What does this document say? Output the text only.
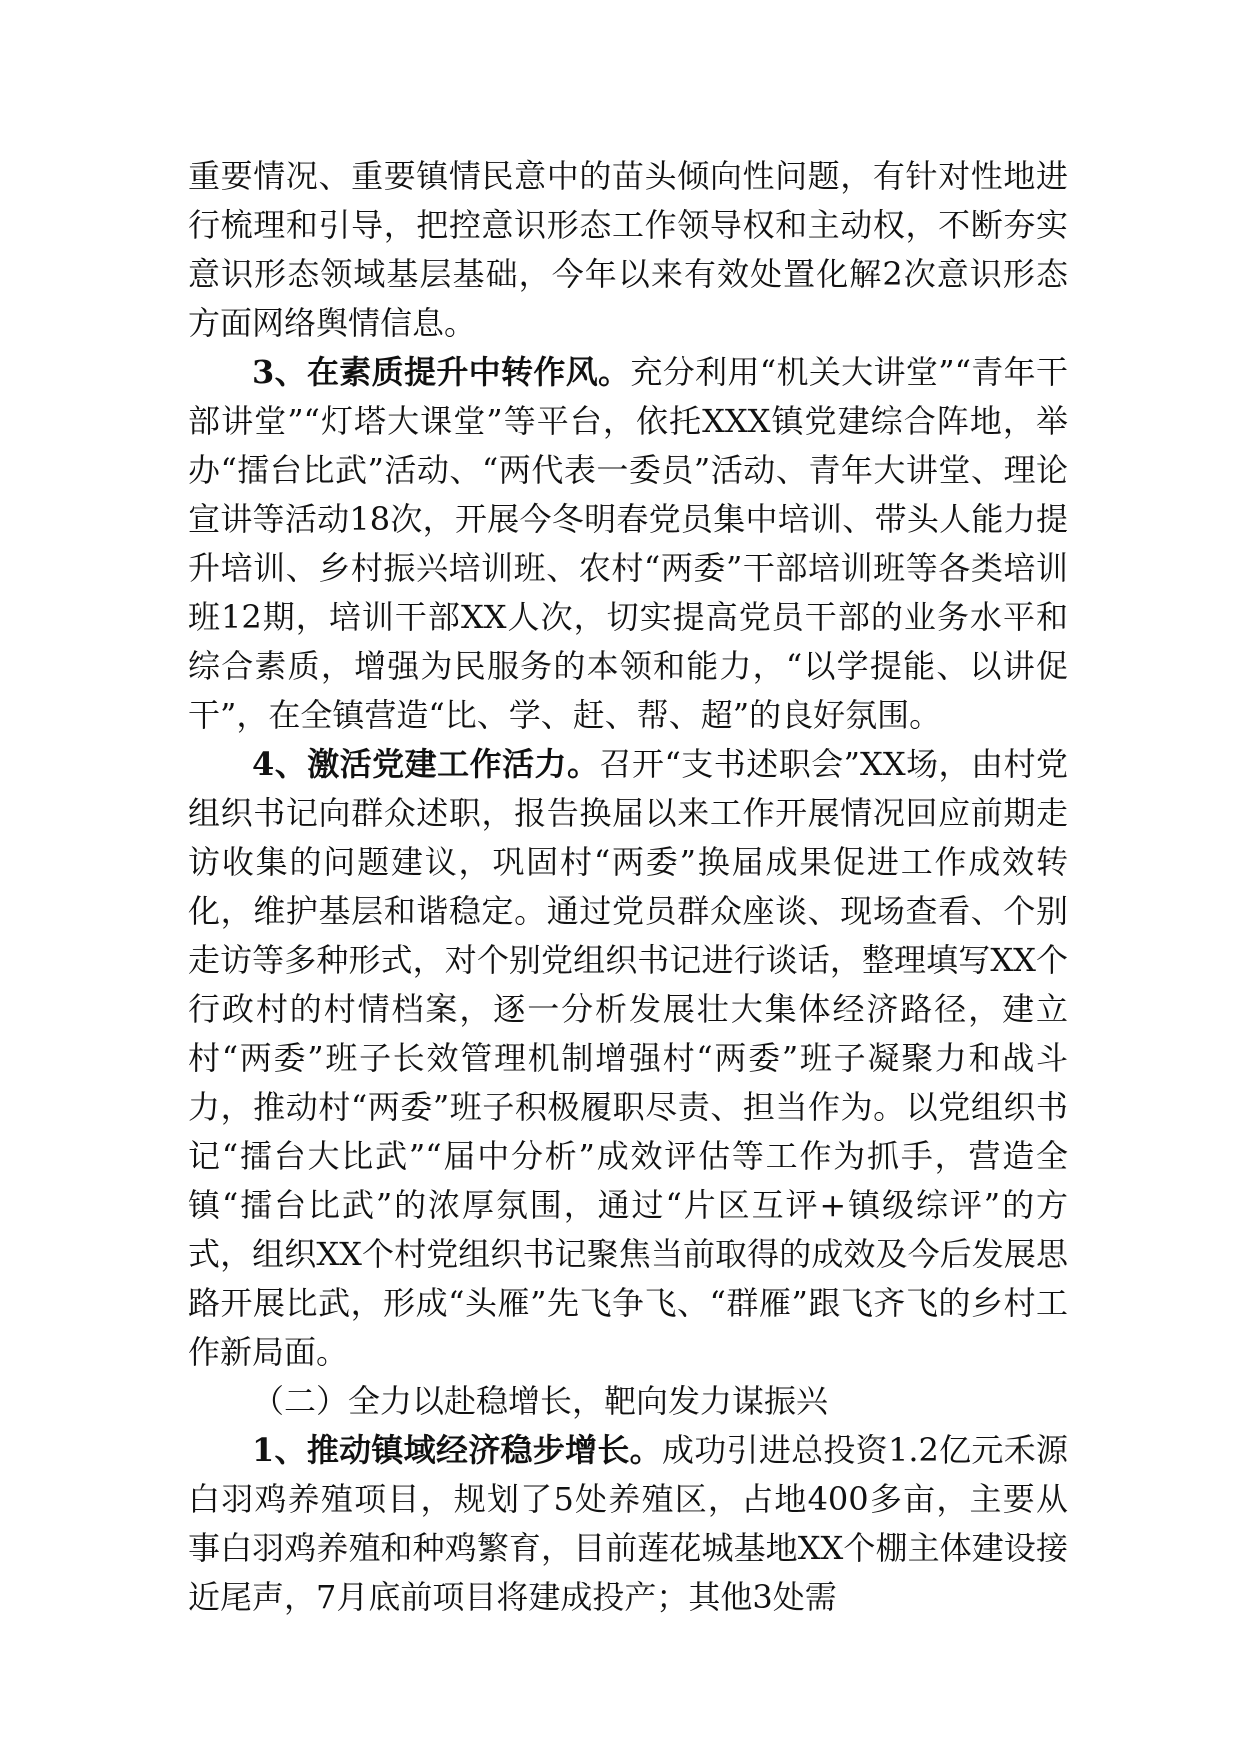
重要情况、重要镇情民意中的苗头倾向性问题，有针对性地进行梳理和引导，把控意识形态工作领导权和主动权，不断夯实意识形态领域基层基础，今年以来有效处置化解2次意识形态方面网络舆情信息。

3、在素质提升中转作风。充分利用“机关大讲堂”“青年干部讲堂”“灯塔大课堂”等平台，依托XXX镇党建综合阵地，举办“擂台比武”活动、“两代表一委员”活动、青年大讲堂、理论宣讲等活动18次，开展今冬明春党员集中培训、带头人能力提升培训、乡村振兴培训班、农村“两委”干部培训班等各类培训班12期，培训干部XX人次，切实提高党员干部的业务水平和综合素质，增强为民服务的本领和能力，“以学提能、以讲促干”，在全镇营造“比、学、赶、帮、超”的良好氛围。

4、激活党建工作活力。召开“支书述职会”XX场，由村党组织书记向群众述职，报告换届以来工作开展情况回应前期走访收集的问题建议，巩固村“两委”换届成果促进工作成效转化，维护基层和谐稳定。通过党员群众座谈、现场查看、个别走访等多种形式，对个别党组织书记进行谈话，整理填写XX个行政村的村情档案，逐一分析发展壮大集体经济路径，建立村“两委”班子长效管理机制增强村“两委”班子凝聚力和战斗力，推动村“两委”班子积极履职尽责、担当作为。以党组织书记“擂台大比武”“届中分析”成效评估等工作为抓手，营造全镇“擂台比武”的浓厚氛围，通过“片区互评+镇级综评”的方式，组织XX个村党组织书记聚焦当前取得的成效及今后发展思路开展比武，形成“头雁”先飞争飞、“群雁”跟飞齐飞的乡村工作新局面。

（二）全力以赴稳增长，靶向发力谋振兴

1、推动镇域经济稳步增长。成功引进总投资1.2亿元禾源白羽鸡养殖项目，规划了5处养殖区，占地400多亩，主要从事白羽鸡养殖和种鸡繁育，目前莲花城基地XX个棚主体建设接近尾声，7月底前项目将建成投产；其他3处需
